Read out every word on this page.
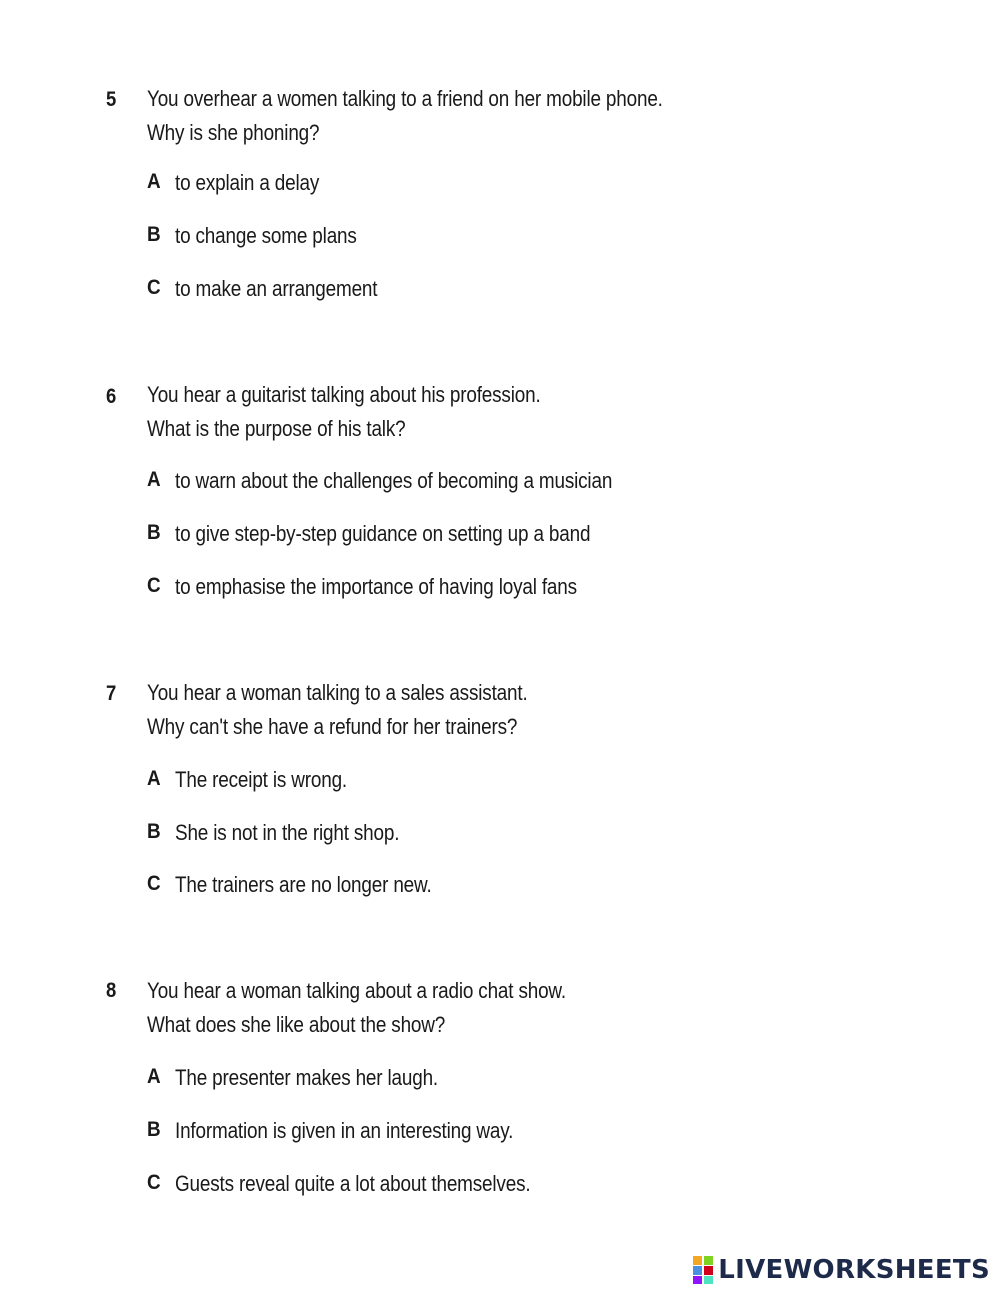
5 You overhear a women talking to a friend on her mobile phone.
Why is she phoning?
A to explain a delay
B to change some plans
C to make an arrangement
6 You hear a guitarist talking about his profession.
What is the purpose of his talk?
A to warn about the challenges of becoming a musician
B to give step-by-step guidance on setting up a band
C to emphasise the importance of having loyal fans
7 You hear a woman talking to a sales assistant.
Why can't she have a refund for her trainers?
A The receipt is wrong.
B She is not in the right shop.
C The trainers are no longer new.
8 You hear a woman talking about a radio chat show.
What does she like about the show?
A The presenter makes her laugh.
B Information is given in an interesting way.
C Guests reveal quite a lot about themselves.
LIVEWORKSHEETS
